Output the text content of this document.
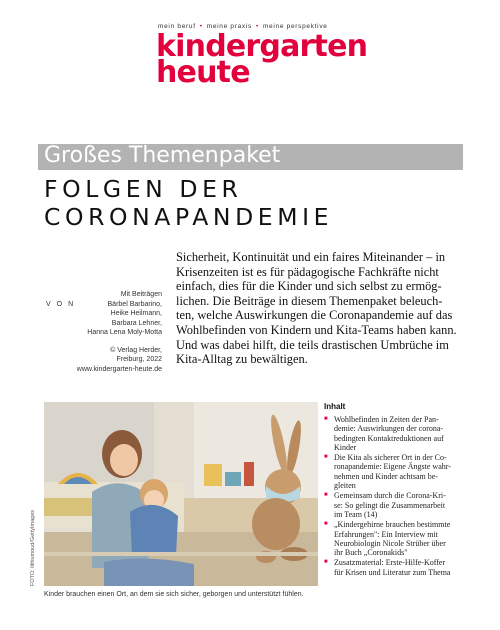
mein beruf • meine praxis • meine perspektive
kindergarten
heute
Großes Themenpaket
FOLGEN DER
CORONAPANDEMIE
Mit Beiträgen
VON	Bärbel Barbarino,
Heike Heilmann,
Barbara Lehner,
Hanna Lena Moly-Motta
© Verlag Herder,
Freiburg, 2022
www.kindergarten-heute.de
Sicherheit, Kontinuität und ein faires Miteinander – in
Krisenzeiten ist es für pädagogische Fachkräfte nicht
einfach, dies für die Kinder und sich selbst zu ermög-
lichen. Die Beiträge in diesem Themenpaket beleuch-
ten, welche Auswirkungen die Coronapandemie auf das
Wohlbefinden von Kindern und Kita-Teams haben kann.
Und was dabei hilft, die teils drastischen Umbrüche im
Kita-Alltag zu bewältigen.
FOTO: lithiumoud/GettyImages
Kinder brauchen einen Ort, an dem sie sich sicher, geborgen und unterstützt fühlen.
Inhalt
■ Wohlbefinden in Zeiten der Pan-
demie: Auswirkungen der corona-
bedingten Kontaktreduktionen auf
Kinder
■ Die Kita als sicherer Ort in der Co-
ronapandemie: Eigene Ängste wahr-
nehmen und Kinder achtsam be-
gleiten
■ Gemeinsam durch die Corona-Kri-
se: So gelingt die Zusammenarbeit
im Team (14)
■ „Kindergehirne brauchen bestimmte
Erfahrungen": Ein Interview mit
Neurobiologin Nicole Strüber über
ihr Buch „Coronakids"
■ Zusatzmaterial: Erste-Hilfe-Koffer
für Krisen und Literatur zum Thema
